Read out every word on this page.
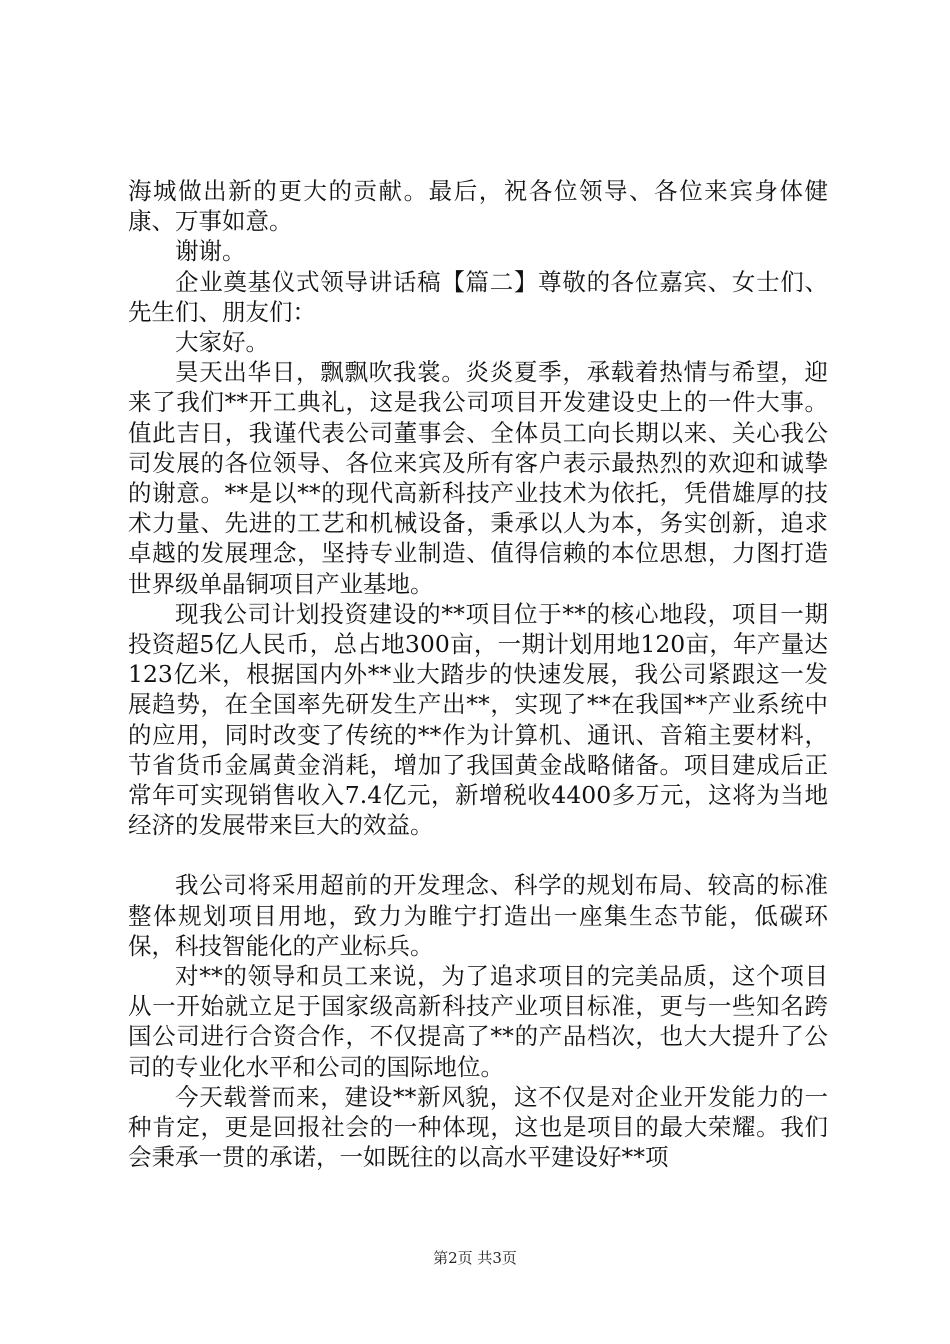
海城做出新的更大的贡献。最后，祝各位领导、各位来宾身体健康、万事如意。

谢谢。

企业奠基仪式领导讲话稿【篇二】尊敬的各位嘉宾、女士们、先生们、朋友们：

大家好。

昊天出华日，飘飘吹我裳。炎炎夏季，承载着热情与希望，迎来了我们**开工典礼，这是我公司项目开发建设史上的一件大事。值此吉日，我谨代表公司董事会、全体员工向长期以来、关心我公司发展的各位领导、各位来宾及所有客户表示最热烈的欢迎和诚挚的谢意。**是以**的现代高新科技产业技术为依托，凭借雄厚的技术力量、先进的工艺和机械设备，秉承以人为本，务实创新，追求卓越的发展理念，坚持专业制造、值得信赖的本位思想，力图打造世界级单晶铜项目产业基地。

现我公司计划投资建设的**项目位于**的核心地段，项目一期投资超5亿人民币，总占地300亩，一期计划用地120亩，年产量达123亿米，根据国内外**业大踏步的快速发展，我公司紧跟这一发展趋势，在全国率先研发生产出**，实现了**在我国**产业系统中的应用，同时改变了传统的**作为计算机、通讯、音箱主要材料，节省货币金属黄金消耗，增加了我国黄金战略储备。项目建成后正常年可实现销售收入7.4亿元，新增税收4400多万元，这将为当地经济的发展带来巨大的效益。

我公司将采用超前的开发理念、科学的规划布局、较高的标准整体规划项目用地，致力为睢宁打造出一座集生态节能，低碳环保，科技智能化的产业标兵。

对**的领导和员工来说，为了追求项目的完美品质，这个项目从一开始就立足于国家级高新科技产业项目标准，更与一些知名跨国公司进行合资合作，不仅提高了**的产品档次，也大大提升了公司的专业化水平和公司的国际地位。

今天载誉而来，建设**新风貌，这不仅是对企业开发能力的一种肯定，更是回报社会的一种体现，这也是项目的最大荣耀。我们会秉承一贯的承诺，一如既往的以高水平建设好**项

第2页 共3页
